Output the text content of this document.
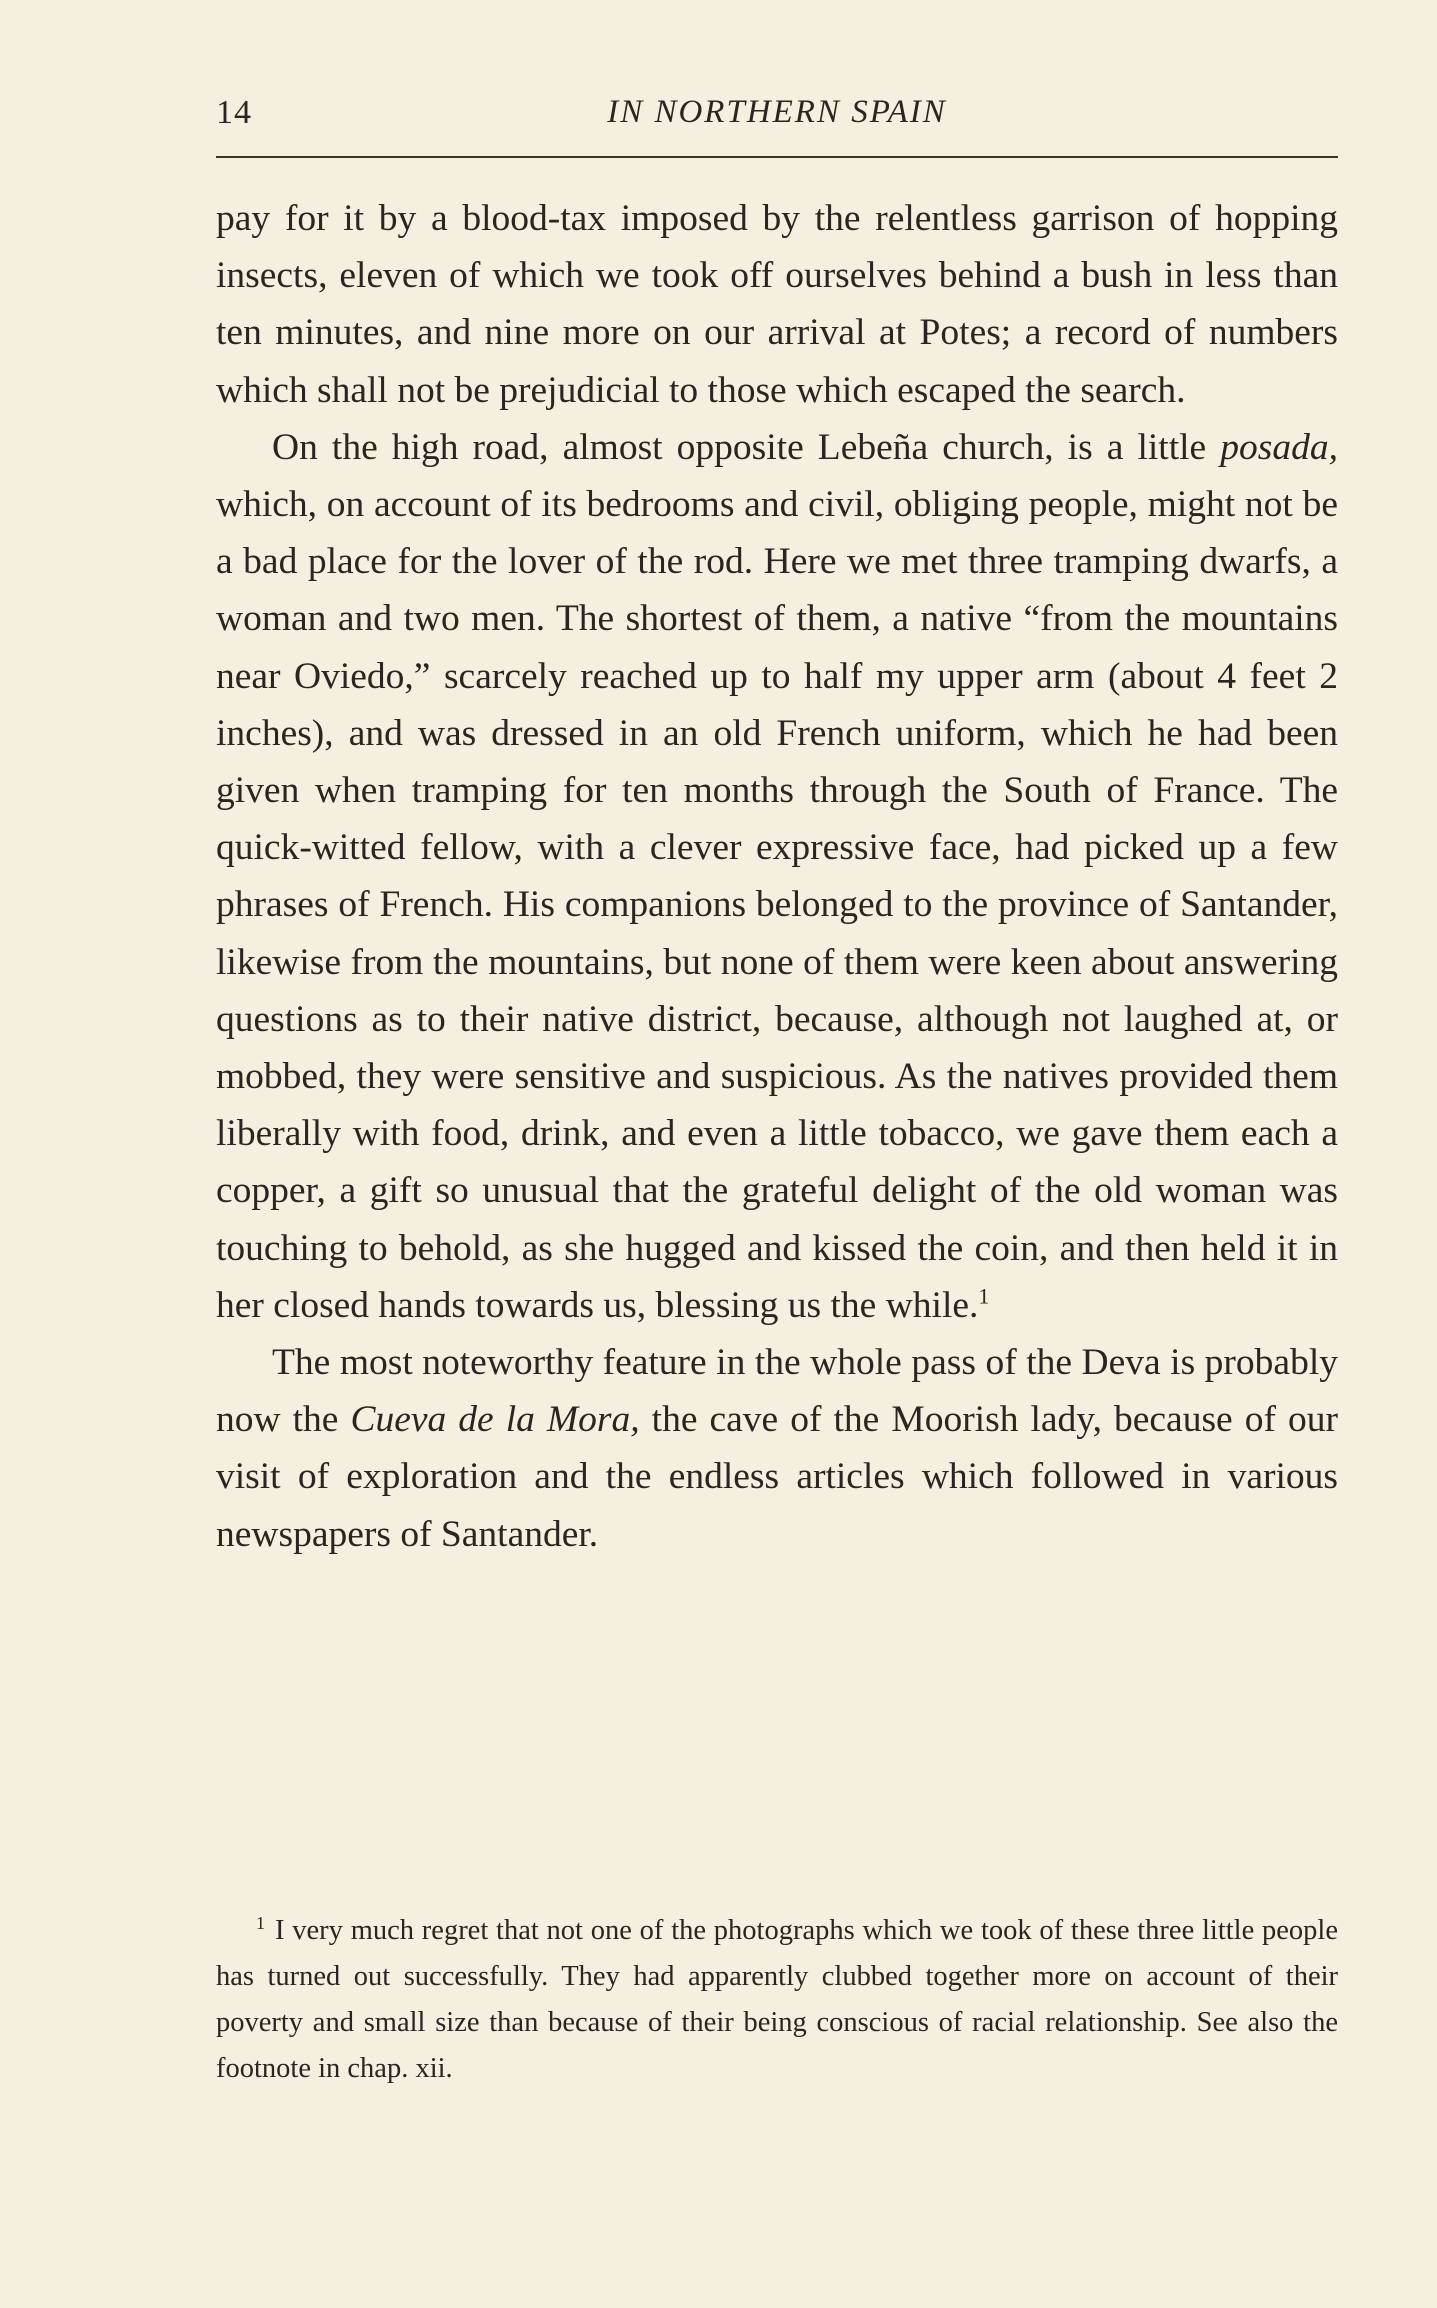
14	IN NORTHERN SPAIN

pay for it by a blood-tax imposed by the relentless garrison of hopping insects, eleven of which we took off ourselves behind a bush in less than ten minutes, and nine more on our arrival at Potes; a record of numbers which shall not be prejudicial to those which escaped the search.

On the high road, almost opposite Lebeña church, is a little posada, which, on account of its bedrooms and civil, obliging people, might not be a bad place for the lover of the rod. Here we met three tramping dwarfs, a woman and two men. The shortest of them, a native “from the mountains near Oviedo,” scarcely reached up to half my upper arm (about 4 feet 2 inches), and was dressed in an old French uniform, which he had been given when tramping for ten months through the South of France. The quick-witted fellow, with a clever expressive face, had picked up a few phrases of French. His companions belonged to the province of Santander, likewise from the mountains, but none of them were keen about answering questions as to their native district, because, although not laughed at, or mobbed, they were sensitive and suspicious. As the natives provided them liberally with food, drink, and even a little tobacco, we gave them each a copper, a gift so unusual that the grateful delight of the old woman was touching to behold, as she hugged and kissed the coin, and then held it in her closed hands towards us, blessing us the while.$^1$

The most noteworthy feature in the whole pass of the Deva is probably now the Cueva de la Mora, the cave of the Moorish lady, because of our visit of exploration and the endless articles which followed in various newspapers of Santander.

$^1$ I very much regret that not one of the photographs which we took of these three little people has turned out successfully. They had apparently clubbed together more on account of their poverty and small size than because of their being conscious of racial relationship. See also the footnote in chap. xii.
